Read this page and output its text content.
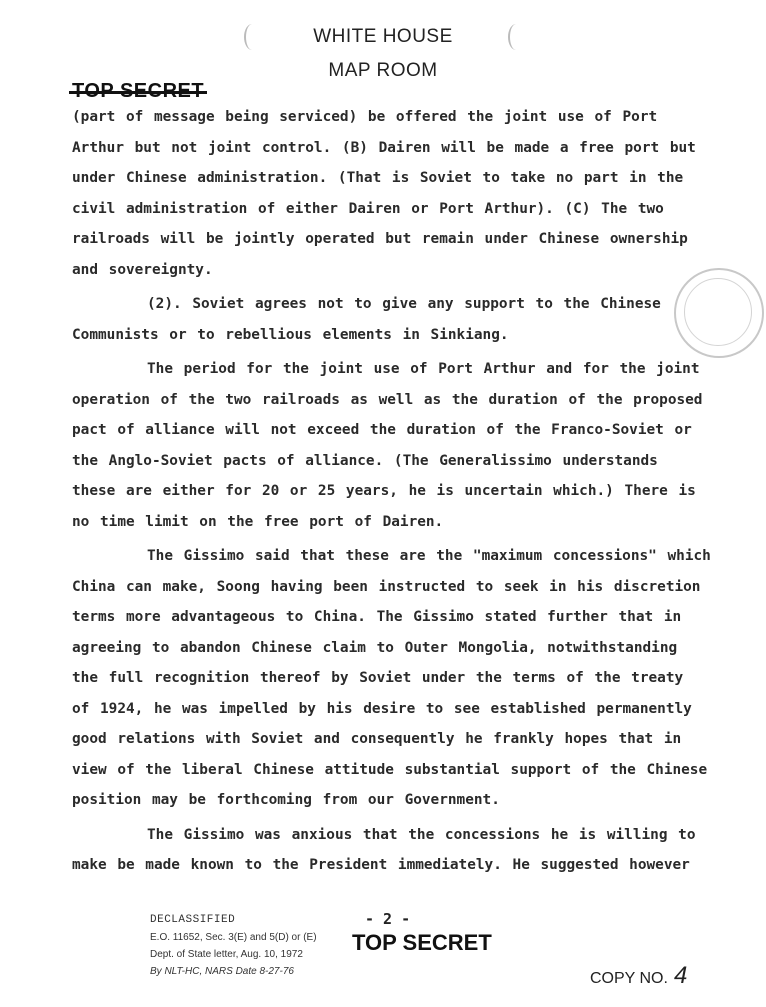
WHITE HOUSE
MAP ROOM

(part of message being serviced) be offered the joint use of Port
Arthur but not joint control. (B) Dairen will be made a free port but
under Chinese administration. (That is Soviet to take no part in the
civil administration of either Dairen or Port Arthur). (C) The two
railroads will be jointly operated but remain under Chinese ownership
and sovereignty.

(2). Soviet agrees not to give any support to the Chinese
Communists or to rebellious elements in Sinkiang.

The period for the joint use of Port Arthur and for the joint
operation of the two railroads as well as the duration of the proposed
pact of alliance will not exceed the duration of the Franco-Soviet or
the Anglo-Soviet pacts of alliance. (The Generalissimo understands
these are either for 20 or 25 years, he is uncertain which.) There is
no time limit on the free port of Dairen.

The Gissimo said that these are the "maximum concessions" which
China can make, Soong having been instructed to seek in his discretion
terms more advantageous to China. The Gissimo stated further that in
agreeing to abandon Chinese claim to Outer Mongolia, notwithstanding
the full recognition thereof by Soviet under the terms of the treaty
of 1924, he was impelled by his desire to see established permanently
good relations with Soviet and consequently he frankly hopes that in
view of the liberal Chinese attitude substantial support of the Chinese
position may be forthcoming from our Government.

The Gissimo was anxious that the concessions he is willing to
make be made known to the President immediately. He suggested however

DECLASSIFIED
E.O. 11652, Sec. 3(E) and 5(D) or (E)
Dept. of State letter, Aug. 10, 1972
By NLT-HC, NARS Date 8-27-76
- 2 -
TOP SECRET
COPY NO. 4
